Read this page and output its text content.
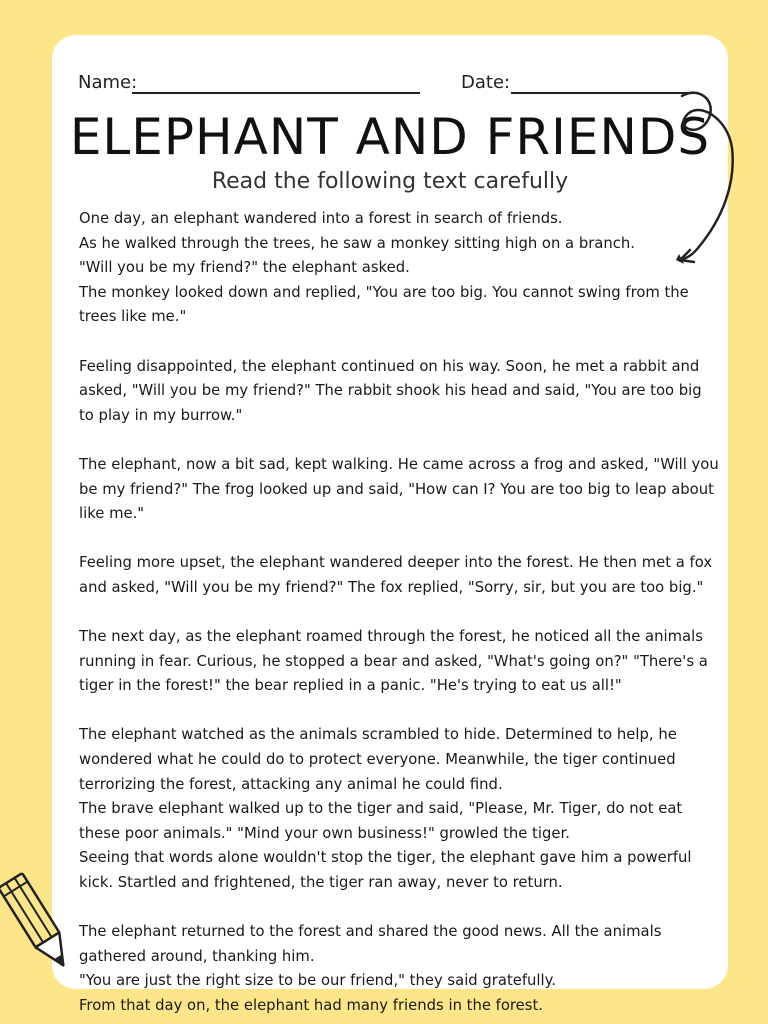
Name:	Date:
ELEPHANT AND FRIENDS
Read the following text carefully

One day, an elephant wandered into a forest in search of friends.
As he walked through the trees, he saw a monkey sitting high on a branch.
"Will you be my friend?" the elephant asked.
The monkey looked down and replied, "You are too big. You cannot swing from the trees like me."

Feeling disappointed, the elephant continued on his way. Soon, he met a rabbit and asked, "Will you be my friend?" The rabbit shook his head and said, "You are too big to play in my burrow."

The elephant, now a bit sad, kept walking. He came across a frog and asked, "Will you be my friend?" The frog looked up and said, "How can I? You are too big to leap about like me."

Feeling more upset, the elephant wandered deeper into the forest. He then met a fox and asked, "Will you be my friend?" The fox replied, "Sorry, sir, but you are too big."

The next day, as the elephant roamed through the forest, he noticed all the animals running in fear. Curious, he stopped a bear and asked, "What's going on?" "There's a tiger in the forest!" the bear replied in a panic. "He's trying to eat us all!"

The elephant watched as the animals scrambled to hide. Determined to help, he wondered what he could do to protect everyone. Meanwhile, the tiger continued terrorizing the forest, attacking any animal he could find.
The brave elephant walked up to the tiger and said, "Please, Mr. Tiger, do not eat these poor animals." "Mind your own business!" growled the tiger.
Seeing that words alone wouldn't stop the tiger, the elephant gave him a powerful kick. Startled and frightened, the tiger ran away, never to return.

The elephant returned to the forest and shared the good news. All the animals gathered around, thanking him.
"You are just the right size to be our friend," they said gratefully.
From that day on, the elephant had many friends in the forest.
